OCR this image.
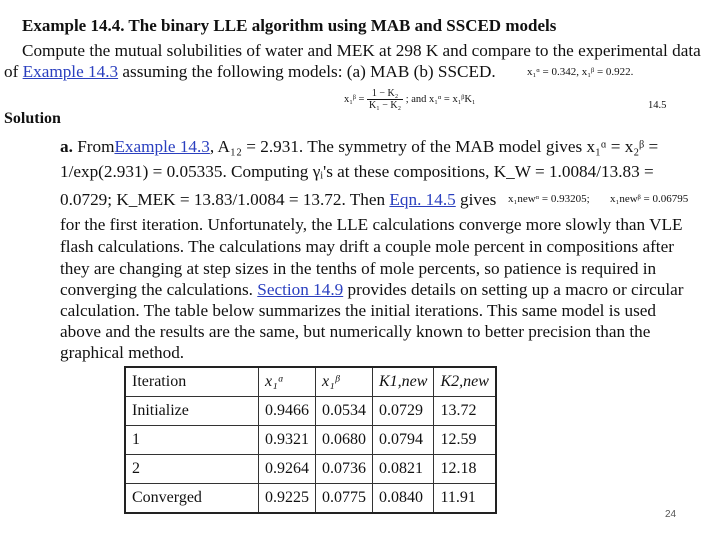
Example 14.4. The binary LLE algorithm using MAB and SSCED models
Compute the mutual solubilities of water and MEK at 298 K and compare to the experimental data
of Example 14.3 assuming the following models: (a) MAB (b) SSCED.	x₁ᵅ = 0.342, x₁ᵝ = 0.922.
x₁ᵝ = $\frac{\text{1 − K₂}}{\text{K₁ − K₂}}$ ; and x₁ᵅ = x₁ᵝK₁
14.5
Solution
a. FromExample 14.3, A₁₂ = 2.931. The symmetry of the MAB model gives x₁ᵅ = x₂ᵝ =
1/exp(2.931) = 0.05335. Computing γᵢ's at these compositions, K_W = 1.0084/13.83 =
0.0729; K_MEK = 13.83/1.0084 = 13.72. Then Eqn. 14.5 gives x₁newᵅ = 0.93205; x₁newᵝ = 0.06795
for the first iteration. Unfortunately, the LLE calculations converge more slowly than VLE
flash calculations. The calculations may drift a couple mole percent in compositions after
they are changing at step sizes in the tenths of mole percents, so patience is required in
converging the calculations. Section 14.9 provides details on setting up a macro or circular
calculation. The table below summarizes the initial iterations. This same model is used
above and the results are the same, but numerically known to better precision than the
graphical method.
Iteration	x₁ᵅ	x₁ᵝ	K1,new	K2,new
Initialize	0.9466	0.0534	0.0729	13.72
1	0.9321	0.0680	0.0794	12.59
2	0.9264	0.0736	0.0821	12.18
Converged	0.9225	0.0775	0.0840	11.91
24
